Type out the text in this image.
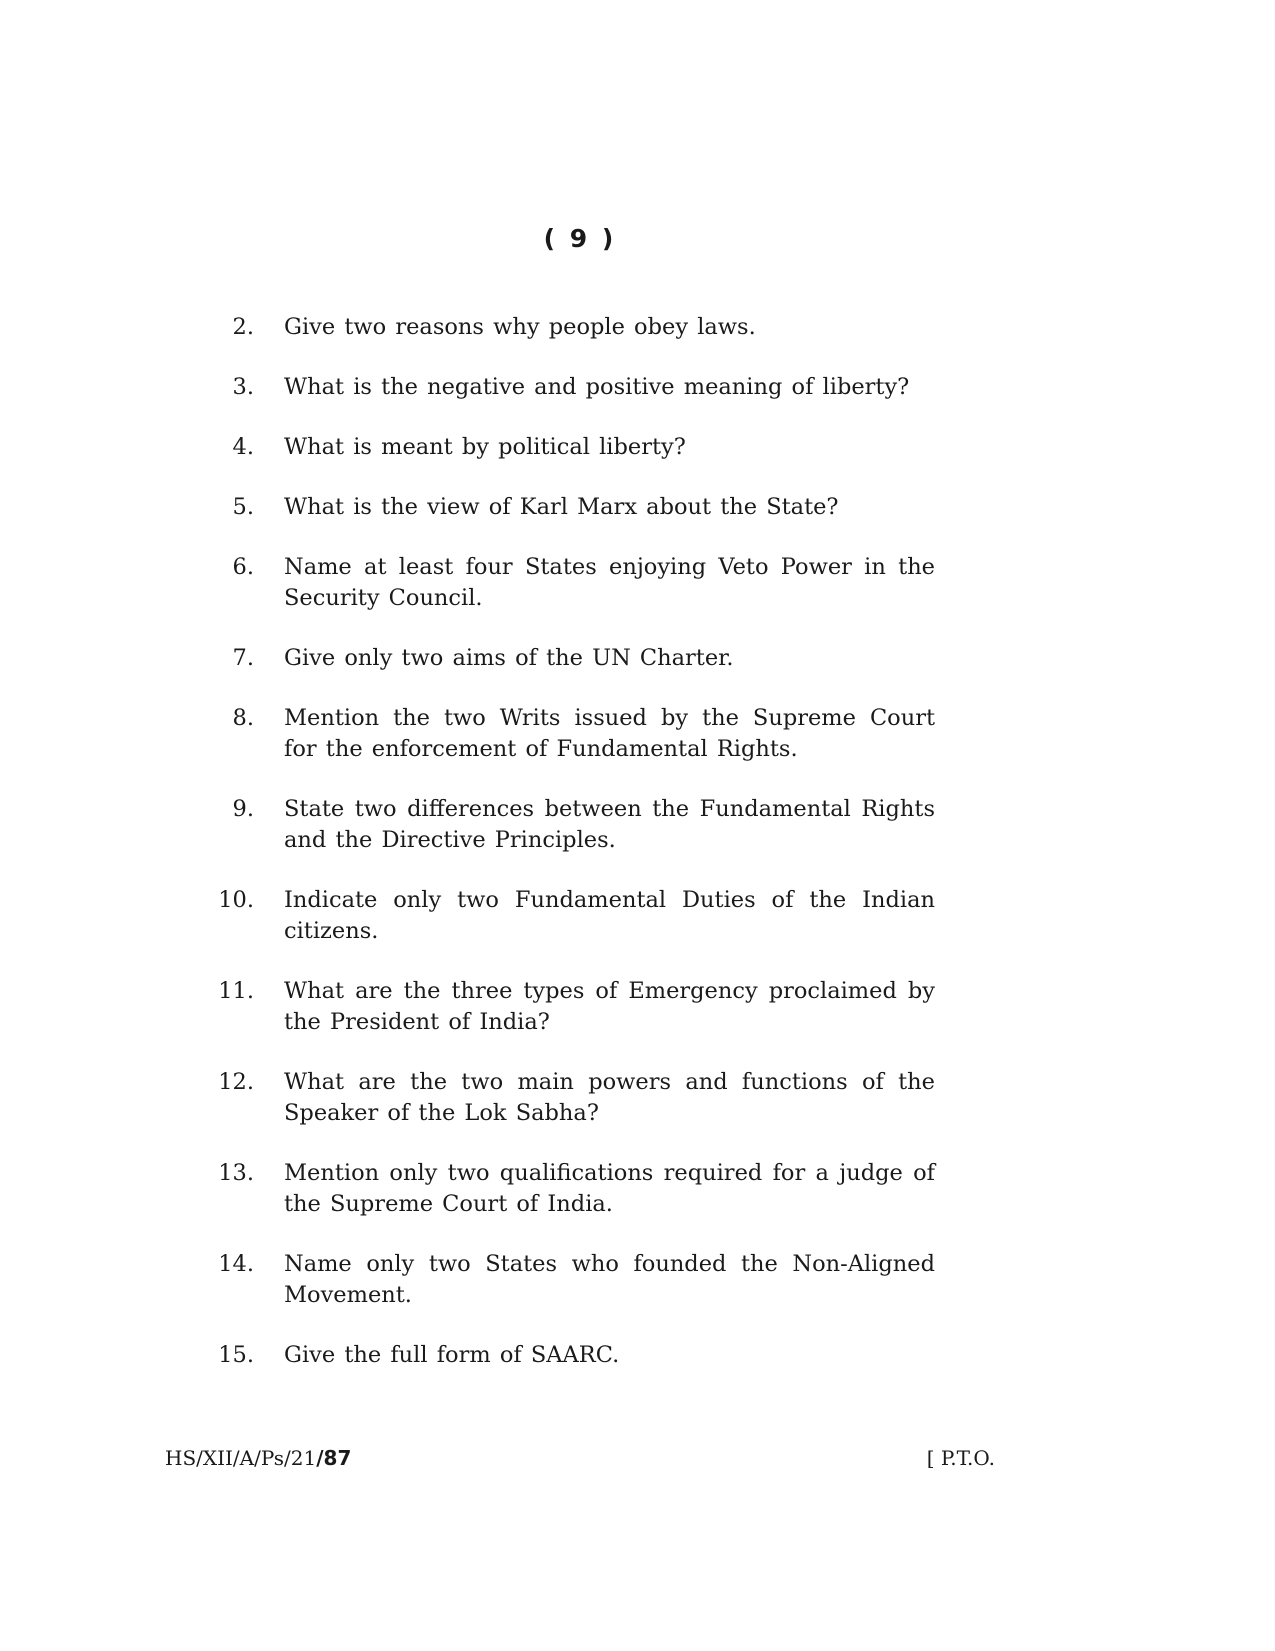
( 9 )
2. Give two reasons why people obey laws.
3. What is the negative and positive meaning of liberty?
4. What is meant by political liberty?
5. What is the view of Karl Marx about the State?
6. Name at least four States enjoying Veto Power in the Security Council.
7. Give only two aims of the UN Charter.
8. Mention the two Writs issued by the Supreme Court for the enforcement of Fundamental Rights.
9. State two differences between the Fundamental Rights and the Directive Principles.
10. Indicate only two Fundamental Duties of the Indian citizens.
11. What are the three types of Emergency proclaimed by the President of India?
12. What are the two main powers and functions of the Speaker of the Lok Sabha?
13. Mention only two qualifications required for a judge of the Supreme Court of India.
14. Name only two States who founded the Non-Aligned Movement.
15. Give the full form of SAARC.
HS/XII/A/Ps/21/87	[ P.T.O.
